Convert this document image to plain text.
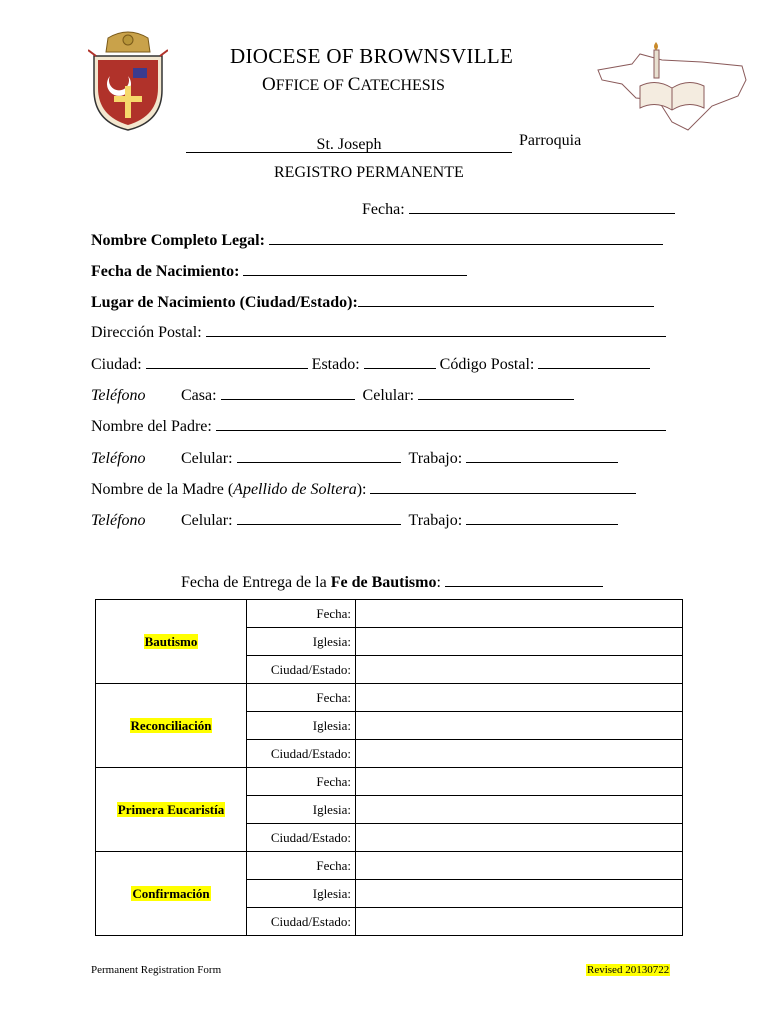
DIOCESE OF BROWNSVILLE
OFFICE OF CATECHESIS
St. Joseph	Parroquia
REGISTRO PERMANENTE
Fecha:
Nombre Completo Legal:
Fecha de Nacimiento:
Lugar de Nacimiento (Ciudad/Estado):
Dirección Postal:
Ciudad:	Estado:	Código Postal:
Teléfono Casa:	Celular:
Nombre del Padre:
Teléfono Celular:	Trabajo:
Nombre de la Madre (Apellido de Soltera):
Teléfono Celular:	Trabajo:
Fecha de Entrega de la Fe de Bautismo:
Bautismo	Fecha:	
	Iglesia:	
	Ciudad/Estado:	
Reconciliación	Fecha:	
	Iglesia:	
	Ciudad/Estado:	
Primera Eucaristía	Fecha:	
	Iglesia:	
	Ciudad/Estado:	
Confirmación	Fecha:	
	Iglesia:	
	Ciudad/Estado:	
Permanent Registration Form	Revised 20130722
